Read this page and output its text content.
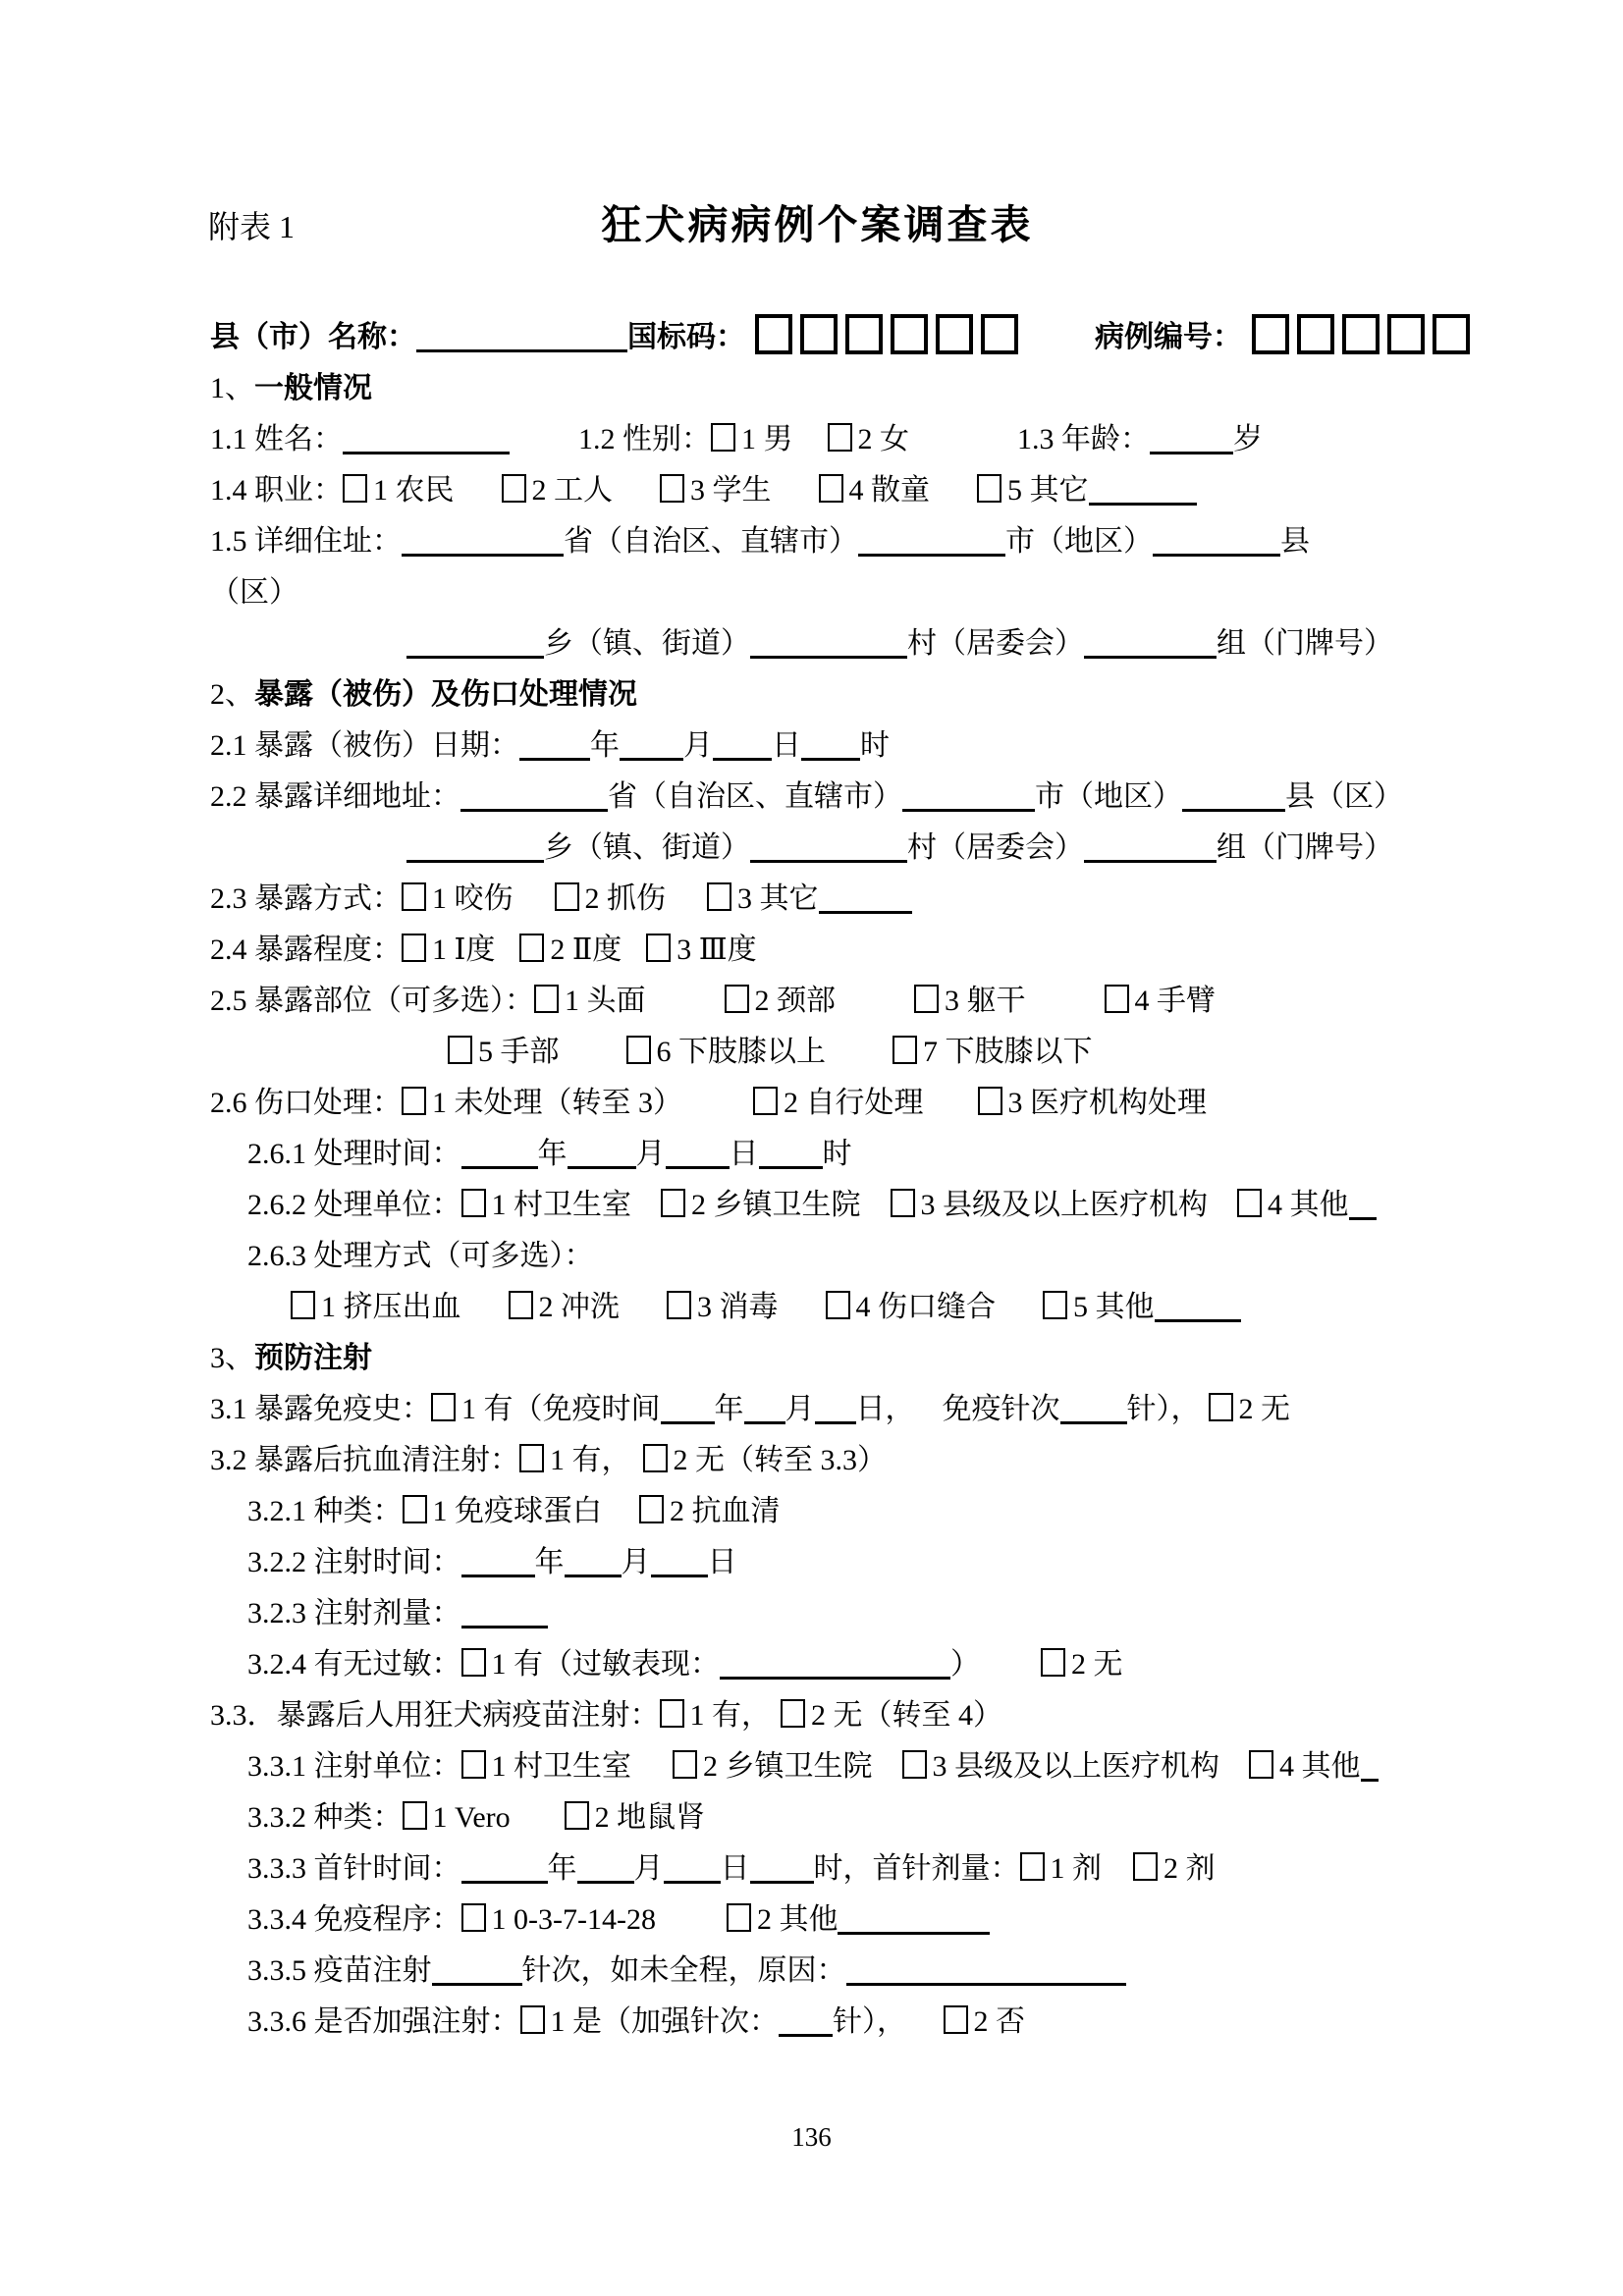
附表 1	狂犬病病例个案调查表
县（市）名称：	国标码：	病例编号：
1、一般情况
1.1 姓名：	1.2 性别： 1 男 2 女	1.3 年龄：	岁
1.4 职业： 1 农民	2 工人	3 学生	4 散童	5 其它
1.5 详细住址：	省（自治区、直辖市）	市（地区）	县
（区）
乡（镇、街道）	村（居委会）	组（门牌号）
2、暴露（被伤）及伤口处理情况
2.1 暴露（被伤）日期： 年 月 日 时
2.2 暴露详细地址：	省（自治区、直辖市）	市（地区）	县（区）
乡（镇、街道）	村（居委会）	组（门牌号）
2.3 暴露方式： 1 咬伤 2 抓伤 3 其它
2.4 暴露程度： 1 Ⅰ度 2 Ⅱ度 3 Ⅲ度
2.5 暴露部位（可多选）： 1 头面	2 颈部	3 躯干	4 手臂
5 手部	6 下肢膝以上	7 下肢膝以下
2.6 伤口处理： 1 未处理（转至 3）	2 自行处理	3 医疗机构处理
2.6.1 处理时间：	年 月 日 时
2.6.2 处理单位： 1 村卫生室 2 乡镇卫生院 3 县级及以上医疗机构 4 其他
2.6.3 处理方式（可多选）：
1 挤压出血	2 冲洗	3 消毒	4 伤口缝合	5 其他
3、预防注射
3.1 暴露免疫史： 1 有（免疫时间 年 月 日， 免疫针次 针）， 2 无
3.2 暴露后抗血清注射： 1 有， 2 无（转至 3.3）
3.2.1 种类： 1 免疫球蛋白 2 抗血清
3.2.2 注射时间：	年 月 日
3.2.3 注射剂量：
3.2.4 有无过敏： 1 有（过敏表现：	）	2 无
3.3．暴露后人用狂犬病疫苗注射： 1 有， 2 无（转至 4）
3.3.1 注射单位： 1 村卫生室 2 乡镇卫生院 3 县级及以上医疗机构 4 其他
3.3.2 种类： 1 Vero	2 地鼠肾
3.3.3 首针时间：	年 月 日 时，首针剂量： 1 剂 2 剂
3.3.4 免疫程序： 1 0-3-7-14-28	2 其他
3.3.5 疫苗注射	针次，如未全程，原因：
3.3.6 是否加强注射： 1 是（加强针次： 针）， 2 否
136
